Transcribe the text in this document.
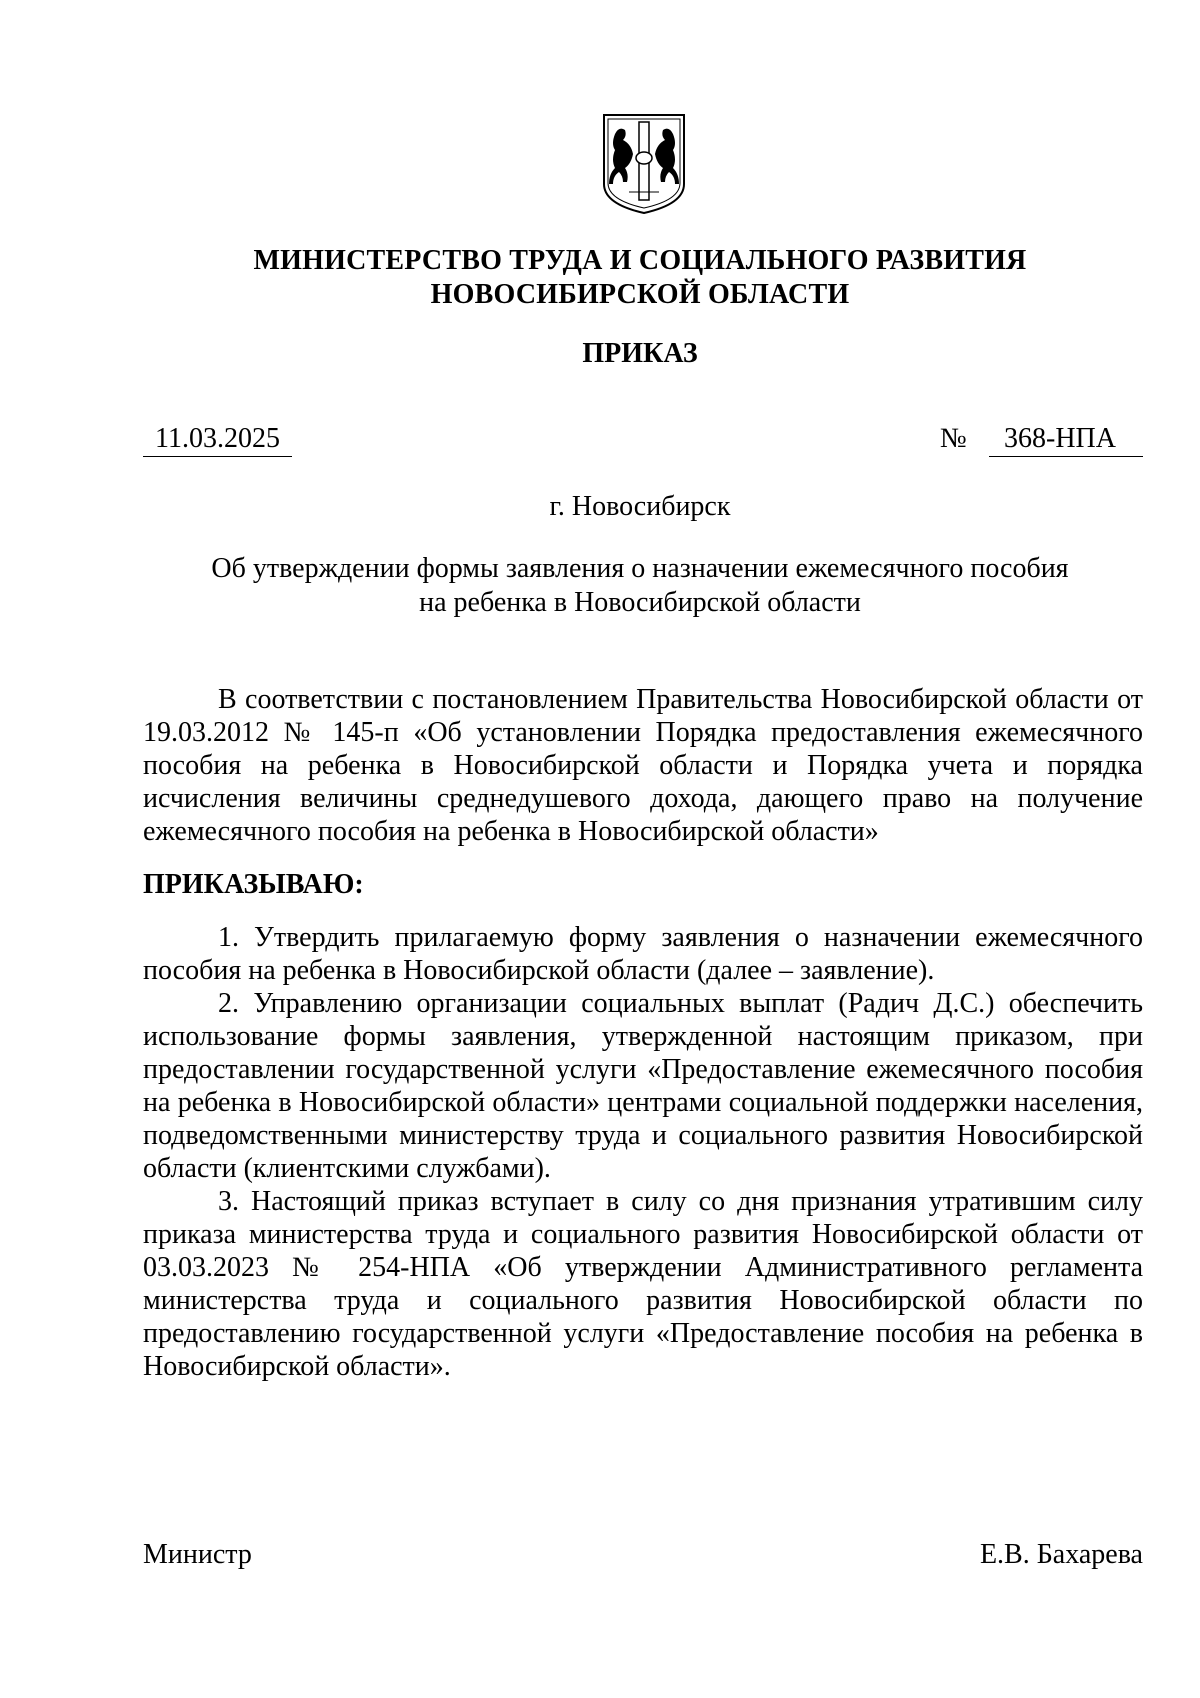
МИНИСТЕРСТВО ТРУДА И СОЦИАЛЬНОГО РАЗВИТИЯ
НОВОСИБИРСКОЙ ОБЛАСТИ
ПРИКАЗ
11.03.2025	№	368-НПА
г. Новосибирск
Об утверждении формы заявления о назначении ежемесячного пособия
на ребенка в Новосибирской области
В соответствии с постановлением Правительства Новосибирской области от 19.03.2012 № 145-п «Об установлении Порядка предоставления ежемесячного пособия на ребенка в Новосибирской области и Порядка учета и порядка исчисления величины среднедушевого дохода, дающего право на получение ежемесячного пособия на ребенка в Новосибирской области»
ПРИКАЗЫВАЮ:
1. Утвердить прилагаемую форму заявления о назначении ежемесячного пособия на ребенка в Новосибирской области (далее – заявление).
2. Управлению организации социальных выплат (Радич Д.С.) обеспечить использование формы заявления, утвержденной настоящим приказом, при предоставлении государственной услуги «Предоставление ежемесячного пособия на ребенка в Новосибирской области» центрами социальной поддержки населения, подведомственными министерству труда и социального развития Новосибирской области (клиентскими службами).
3. Настоящий приказ вступает в силу со дня признания утратившим силу приказа министерства труда и социального развития Новосибирской области от 03.03.2023 № 254-НПА «Об утверждении Административного регламента министерства труда и социального развития Новосибирской области по предоставлению государственной услуги «Предоставление пособия на ребенка в Новосибирской области».
Министр	Е.В. Бахарева
